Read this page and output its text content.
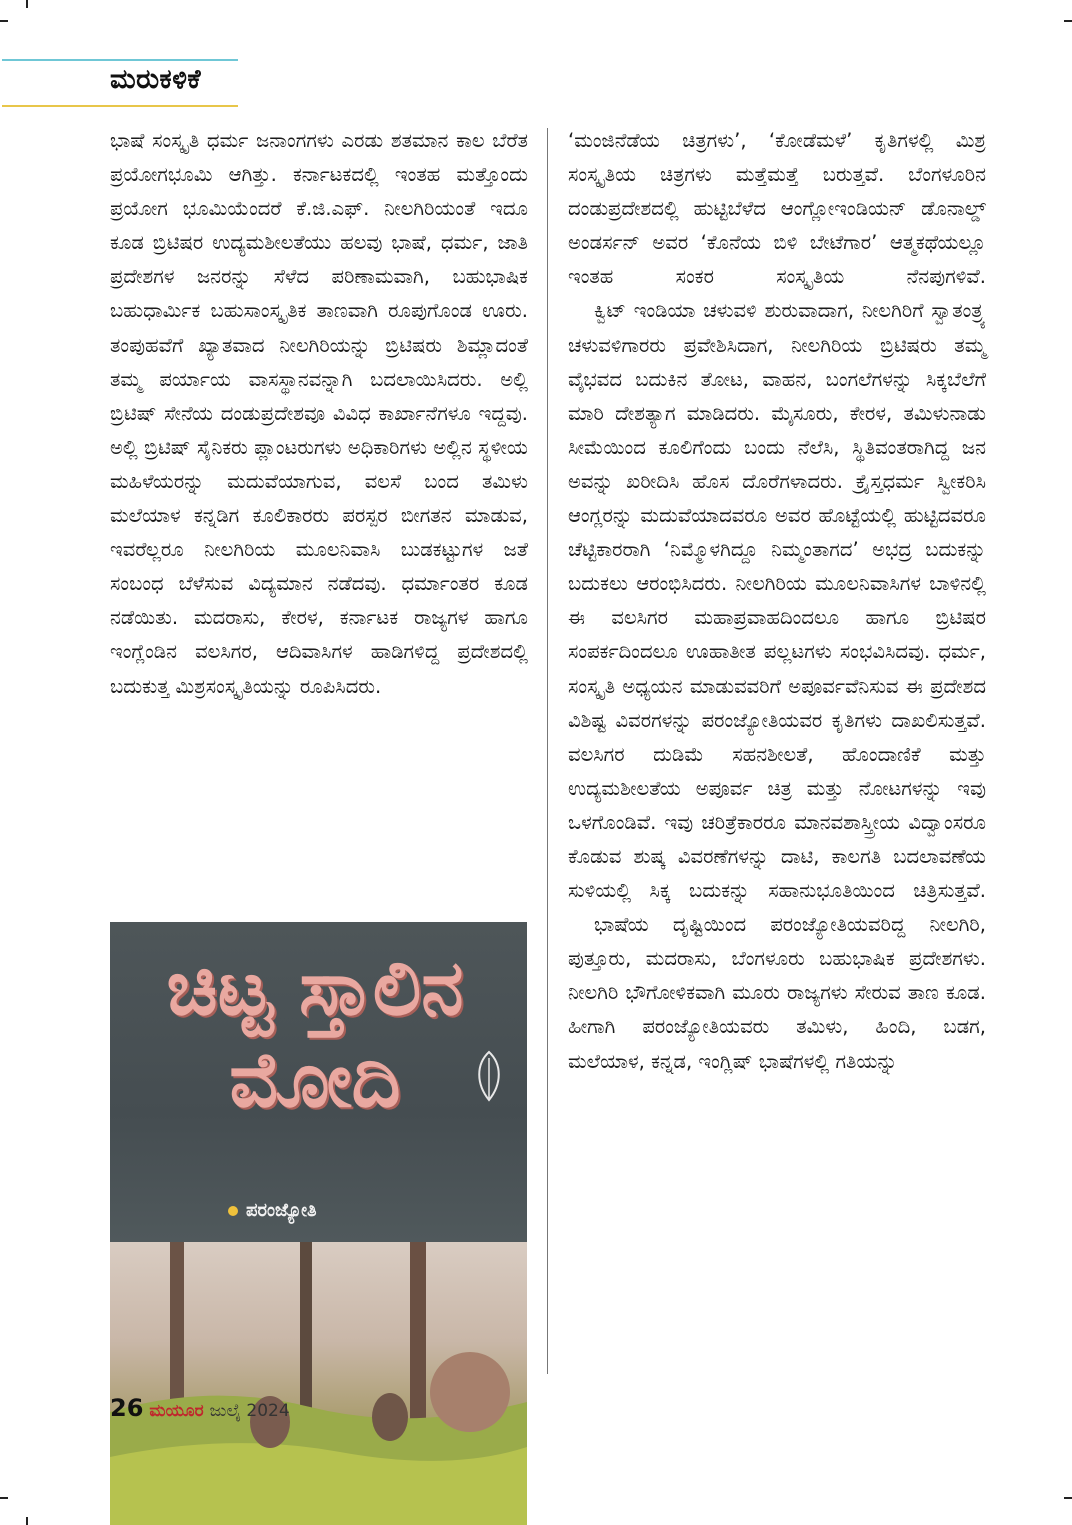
ಮರುಕಳಿಕೆ

ಭಾಷೆ ಸಂಸ್ಕೃತಿ ಧರ್ಮ ಜನಾಂಗಗಳು ಎರಡು ಶತಮಾನ ಕಾಲ ಬೆರೆತ ಪ್ರಯೋಗಭೂಮಿ ಆಗಿತ್ತು. ಕರ್ನಾಟಕದಲ್ಲಿ ಇಂತಹ ಮತ್ತೊಂದು ಪ್ರಯೋಗ ಭೂಮಿಯೆಂದರೆ ಕೆ.ಜಿ.ಎಫ್. ನೀಲಗಿರಿಯಂತೆ ಇದೂ ಕೂಡ ಬ್ರಿಟಿಷರ ಉದ್ಯಮಶೀಲತೆಯು ಹಲವು ಭಾಷೆ, ಧರ್ಮ, ಜಾತಿ ಪ್ರದೇಶಗಳ ಜನರನ್ನು ಸೆಳೆದ ಪರಿಣಾಮವಾಗಿ, ಬಹುಭಾಷಿಕ ಬಹುಧಾರ್ಮಿಕ ಬಹುಸಾಂಸ್ಕೃತಿಕ ತಾಣವಾಗಿ ರೂಪುಗೊಂಡ ಊರು. ತಂಪುಹವೆಗೆ ಖ್ಯಾತವಾದ ನೀಲಗಿರಿಯನ್ನು ಬ್ರಿಟಿಷರು ಶಿಮ್ಲಾದಂತೆ ತಮ್ಮ ಪರ್ಯಾಯ ವಾಸಸ್ಥಾನವನ್ನಾಗಿ ಬದಲಾಯಿಸಿದರು. ಅಲ್ಲಿ ಬ್ರಿಟಿಷ್ ಸೇನೆಯ ದಂಡುಪ್ರದೇಶವೂ ವಿವಿಧ ಕಾರ್ಖಾನೆಗಳೂ ಇದ್ದವು. ಅಲ್ಲಿ ಬ್ರಿಟಿಷ್ ಸೈನಿಕರು ಪ್ಲಾಂಟರುಗಳು ಅಧಿಕಾರಿಗಳು ಅಲ್ಲಿನ ಸ್ಥಳೀಯ ಮಹಿಳೆಯರನ್ನು ಮದುವೆಯಾಗುವ, ವಲಸೆ ಬಂದ ತಮಿಳು ಮಲೆಯಾಳ ಕನ್ನಡಿಗ ಕೂಲಿಕಾರರು ಪರಸ್ಪರ ಬೀಗತನ ಮಾಡುವ, ಇವರೆಲ್ಲರೂ ನೀಲಗಿರಿಯ ಮೂಲನಿವಾಸಿ ಬುಡಕಟ್ಟುಗಳ ಜತೆ ಸಂಬಂಧ ಬೆಳೆಸುವ ವಿದ್ಯಮಾನ ನಡೆದವು. ಧರ್ಮಾಂತರ ಕೂಡ ನಡೆಯಿತು. ಮದರಾಸು, ಕೇರಳ, ಕರ್ನಾಟಕ ರಾಜ್ಯಗಳ ಹಾಗೂ ಇಂಗ್ಲೆಂಡಿನ ವಲಸಿಗರ, ಆದಿವಾಸಿಗಳ ಹಾಡಿಗಳಿದ್ದ ಪ್ರದೇಶದಲ್ಲಿ ಬದುಕುತ್ತ ಮಿಶ್ರಸಂಸ್ಕೃತಿಯನ್ನು ರೂಪಿಸಿದರು.

‘ಮಂಜಿನೆಡೆಯ ಚಿತ್ರಗಳು’, ‘ಕೋಡೆಮಳೆ’ ಕೃತಿಗಳಲ್ಲಿ ಮಿಶ್ರ ಸಂಸ್ಕೃತಿಯ ಚಿತ್ರಗಳು ಮತ್ತೆಮತ್ತೆ ಬರುತ್ತವೆ. ಬೆಂಗಳೂರಿನ ದಂಡುಪ್ರದೇಶದಲ್ಲಿ ಹುಟ್ಟಿಬೆಳೆದ ಆಂಗ್ಲೋಇಂಡಿಯನ್ ಡೊನಾಲ್ಡ್ ಅಂಡರ್ಸನ್ ಅವರ ‘ಕೊನೆಯ ಬಿಳಿ ಬೇಟೆಗಾರ’ ಆತ್ಮಕಥೆಯಲ್ಲೂ ಇಂತಹ ಸಂಕರ ಸಂಸ್ಕೃತಿಯ ನೆನಪುಗಳಿವೆ.

ಕ್ವಿಟ್ ಇಂಡಿಯಾ ಚಳುವಳಿ ಶುರುವಾದಾಗ, ನೀಲಗಿರಿಗೆ ಸ್ವಾತಂತ್ರ್ಯ ಚಳುವಳಿಗಾರರು ಪ್ರವೇಶಿಸಿದಾಗ, ನೀಲಗಿರಿಯ ಬ್ರಿಟಿಷರು ತಮ್ಮ ವೈಭವದ ಬದುಕಿನ ತೋಟ, ವಾಹನ, ಬಂಗಲೆಗಳನ್ನು ಸಿಕ್ಕಬೆಲೆಗೆ ಮಾರಿ ದೇಶತ್ಯಾಗ ಮಾಡಿದರು. ಮೈಸೂರು, ಕೇರಳ, ತಮಿಳುನಾಡು ಸೀಮೆಯಿಂದ ಕೂಲಿಗೆಂದು ಬಂದು ನೆಲೆಸಿ, ಸ್ಥಿತಿವಂತರಾಗಿದ್ದ ಜನ ಅವನ್ನು ಖರೀದಿಸಿ ಹೊಸ ದೊರೆಗಳಾದರು. ಕ್ರೈಸ್ತಧರ್ಮ ಸ್ವೀಕರಿಸಿ ಆಂಗ್ಲರನ್ನು ಮದುವೆಯಾದವರೂ ಅವರ ಹೊಟ್ಟೆಯಲ್ಲಿ ಹುಟ್ಟಿದವರೂ ಚೆಟ್ಟಿಕಾರರಾಗಿ ‘ನಿಮ್ಮೊಳಗಿದ್ದೂ ನಿಮ್ಮಂತಾಗದ’ ಅಭದ್ರ ಬದುಕನ್ನು ಬದುಕಲು ಆರಂಭಿಸಿದರು. ನೀಲಗಿರಿಯ ಮೂಲನಿವಾಸಿಗಳ ಬಾಳಿನಲ್ಲಿ ಈ ವಲಸಿಗರ ಮಹಾಪ್ರವಾಹದಿಂದಲೂ ಹಾಗೂ ಬ್ರಿಟಿಷರ ಸಂಪರ್ಕದಿಂದಲೂ ಊಹಾತೀತ ಪಲ್ಲಟಗಳು ಸಂಭವಿಸಿದವು. ಧರ್ಮ, ಸಂಸ್ಕೃತಿ ಅಧ್ಯಯನ ಮಾಡುವವರಿಗೆ ಅಪೂರ್ವವೆನಿಸುವ ಈ ಪ್ರದೇಶದ ವಿಶಿಷ್ಟ ವಿವರಗಳನ್ನು ಪರಂಜ್ಯೋತಿಯವರ ಕೃತಿಗಳು ದಾಖಲಿಸುತ್ತವೆ. ವಲಸಿಗರ ದುಡಿಮೆ ಸಹನಶೀಲತೆ, ಹೊಂದಾಣಿಕೆ ಮತ್ತು ಉದ್ಯಮಶೀಲತೆಯ ಅಪೂರ್ವ ಚಿತ್ರ ಮತ್ತು ನೋಟಗಳನ್ನು ಇವು ಒಳಗೊಂಡಿವೆ. ಇವು ಚರಿತ್ರೆಕಾರರೂ ಮಾನವಶಾಸ್ತ್ರೀಯ ವಿದ್ವಾಂಸರೂ ಕೊಡುವ ಶುಷ್ಕ ವಿವರಣೆಗಳನ್ನು ದಾಟಿ, ಕಾಲಗತಿ ಬದಲಾವಣೆಯ ಸುಳಿಯಲ್ಲಿ ಸಿಕ್ಕ ಬದುಕನ್ನು ಸಹಾನುಭೂತಿಯಿಂದ ಚಿತ್ರಿಸುತ್ತವೆ.

ಭಾಷೆಯ ದೃಷ್ಟಿಯಿಂದ ಪರಂಜ್ಯೋತಿಯವರಿದ್ದ ನೀಲಗಿರಿ, ಪುತ್ತೂರು, ಮದರಾಸು, ಬೆಂಗಳೂರು ಬಹುಭಾಷಿಕ ಪ್ರದೇಶಗಳು. ನೀಲಗಿರಿ ಭೌಗೋಳಿಕವಾಗಿ ಮೂರು ರಾಜ್ಯಗಳು ಸೇರುವ ತಾಣ ಕೂಡ. ಹೀಗಾಗಿ ಪರಂಜ್ಯೋತಿಯವರು ತಮಿಳು, ಹಿಂದಿ, ಬಡಗ, ಮಲೆಯಾಳ, ಕನ್ನಡ, ಇಂಗ್ಲಿಷ್ ಭಾಷೆಗಳಲ್ಲಿ ಗತಿಯನ್ನು

ಚಿಟ್ಟ ಸ್ತಾಲಿನ ಮೋದಿ
ಪರಂಜ್ಯೋತಿ
26 ಮಯೂರ ಜುಲೈ 2024
